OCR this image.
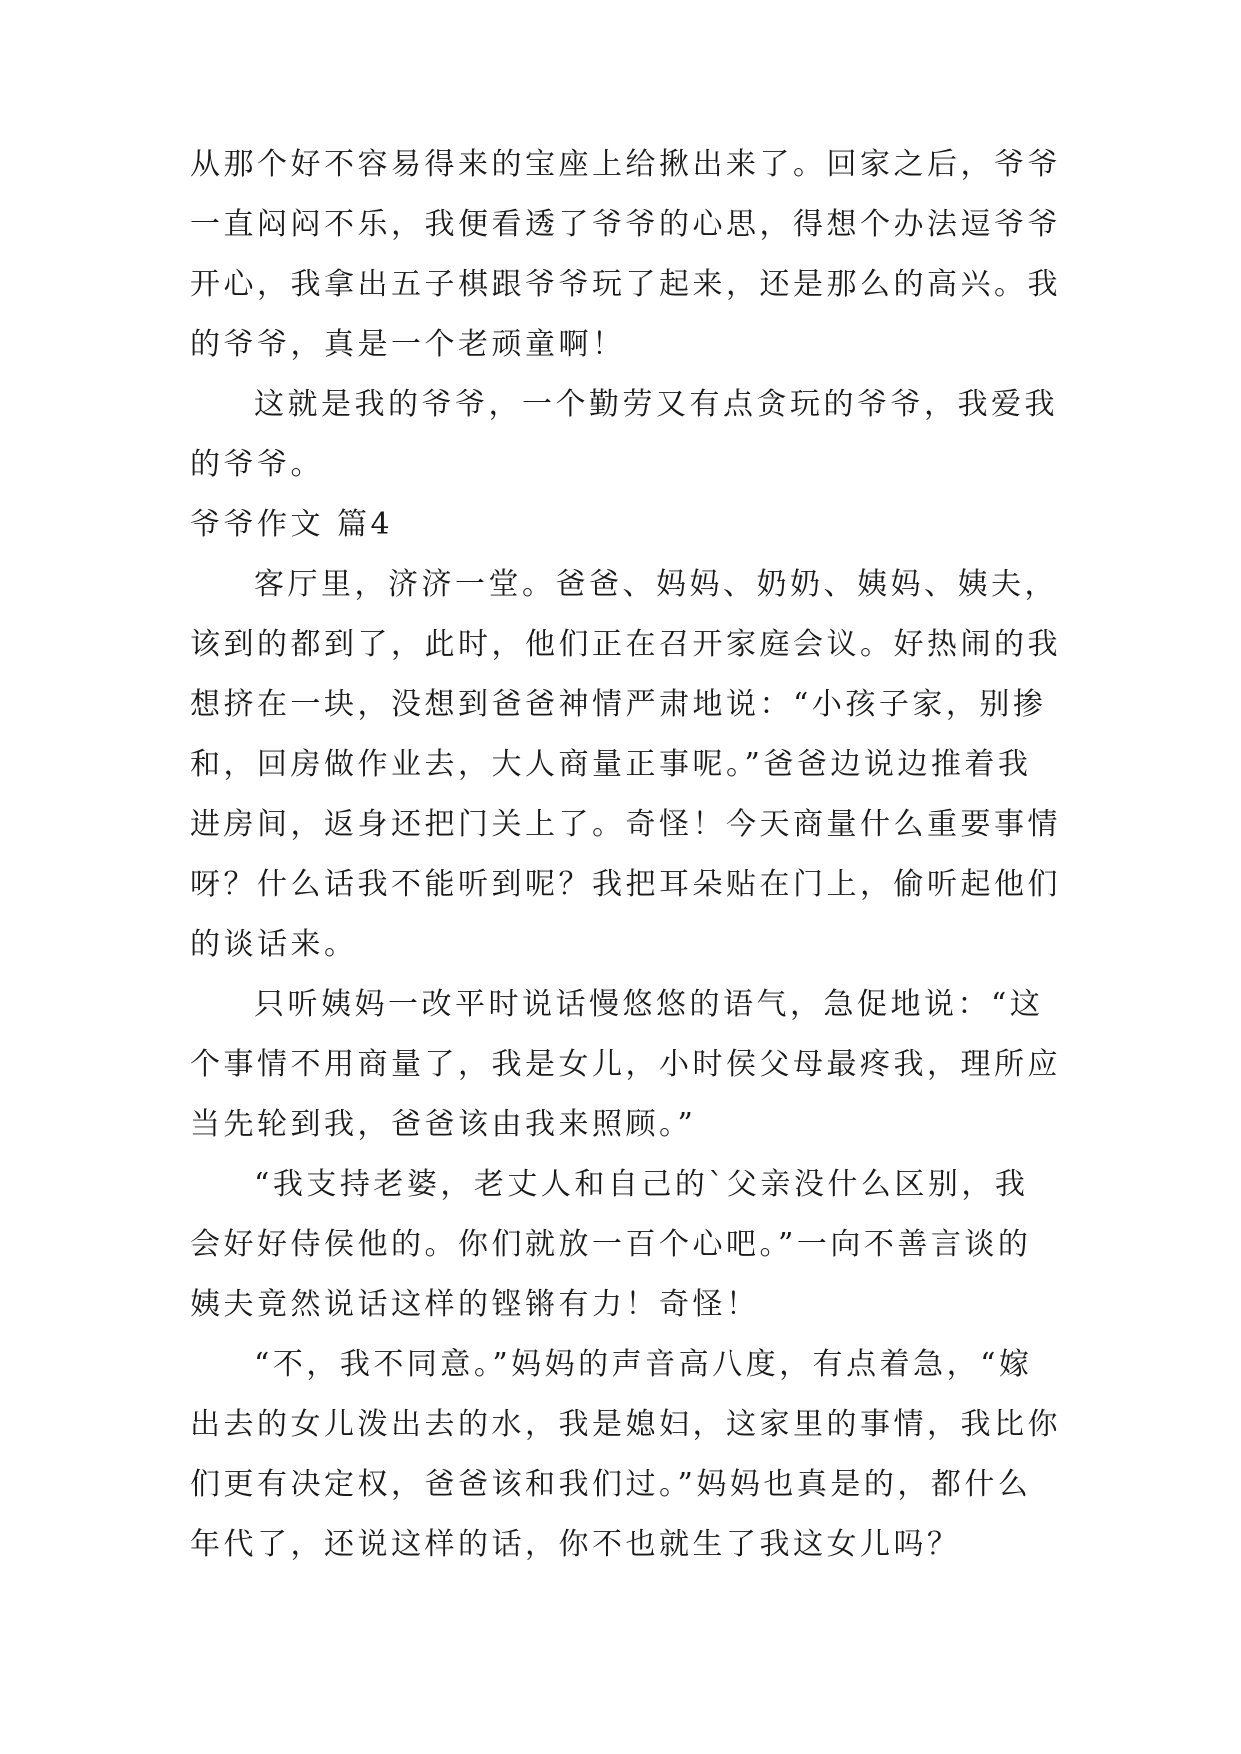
从那个好不容易得来的宝座上给揪出来了。回家之后，爷爷
一直闷闷不乐，我便看透了爷爷的心思，得想个办法逗爷爷
开心，我拿出五子棋跟爷爷玩了起来，还是那么的高兴。我
的爷爷，真是一个老顽童啊！
这就是我的爷爷，一个勤劳又有点贪玩的爷爷，我爱我
的爷爷。
爷爷作文 篇4
客厅里，济济一堂。爸爸、妈妈、奶奶、姨妈、姨夫，
该到的都到了，此时，他们正在召开家庭会议。好热闹的我
想挤在一块，没想到爸爸神情严肃地说：“小孩子家，别掺
和，回房做作业去，大人商量正事呢。”爸爸边说边推着我
进房间，返身还把门关上了。奇怪！今天商量什么重要事情
呀？什么话我不能听到呢？我把耳朵贴在门上，偷听起他们
的谈话来。
只听姨妈一改平时说话慢悠悠的语气，急促地说：“这
个事情不用商量了，我是女儿，小时侯父母最疼我，理所应
当先轮到我，爸爸该由我来照顾。”
“我支持老婆，老丈人和自己的`父亲没什么区别，我
会好好侍侯他的。你们就放一百个心吧。”一向不善言谈的
姨夫竟然说话这样的铿锵有力！奇怪！
“不，我不同意。”妈妈的声音高八度，有点着急，“嫁
出去的女儿泼出去的水，我是媳妇，这家里的事情，我比你
们更有决定权，爸爸该和我们过。”妈妈也真是的，都什么
年代了，还说这样的话，你不也就生了我这女儿吗？
